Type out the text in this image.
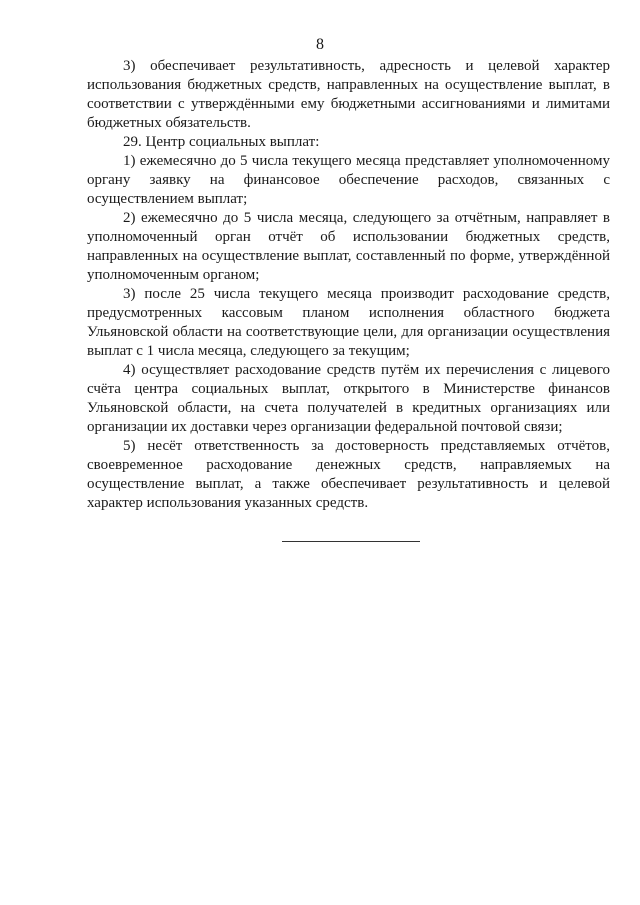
8

3) обеспечивает результативность, адресность и целевой характер использования бюджетных средств, направленных на осуществление выплат, в соответствии с утверждёнными ему бюджетными ассигнованиями и лимитами бюджетных обязательств.

29. Центр социальных выплат:

1) ежемесячно до 5 числа текущего месяца представляет уполномоченному органу заявку на финансовое обеспечение расходов, связанных с осуществлением выплат;

2) ежемесячно до 5 числа месяца, следующего за отчётным, направляет в уполномоченный орган отчёт об использовании бюджетных средств, направленных на осуществление выплат, составленный по форме, утверждённой уполномоченным органом;

3) после 25 числа текущего месяца производит расходование средств, предусмотренных кассовым планом исполнения областного бюджета Ульяновской области на соответствующие цели, для организации осуществления выплат с 1 числа месяца, следующего за текущим;

4) осуществляет расходование средств путём их перечисления с лицевого счёта центра социальных выплат, открытого в Министерстве финансов Ульяновской области, на счета получателей в кредитных организациях или организации их доставки через организации федеральной почтовой связи;

5) несёт ответственность за достоверность представляемых отчётов, своевременное расходование денежных средств, направляемых на осуществление выплат, а также обеспечивает результативность и целевой характер использования указанных средств.
